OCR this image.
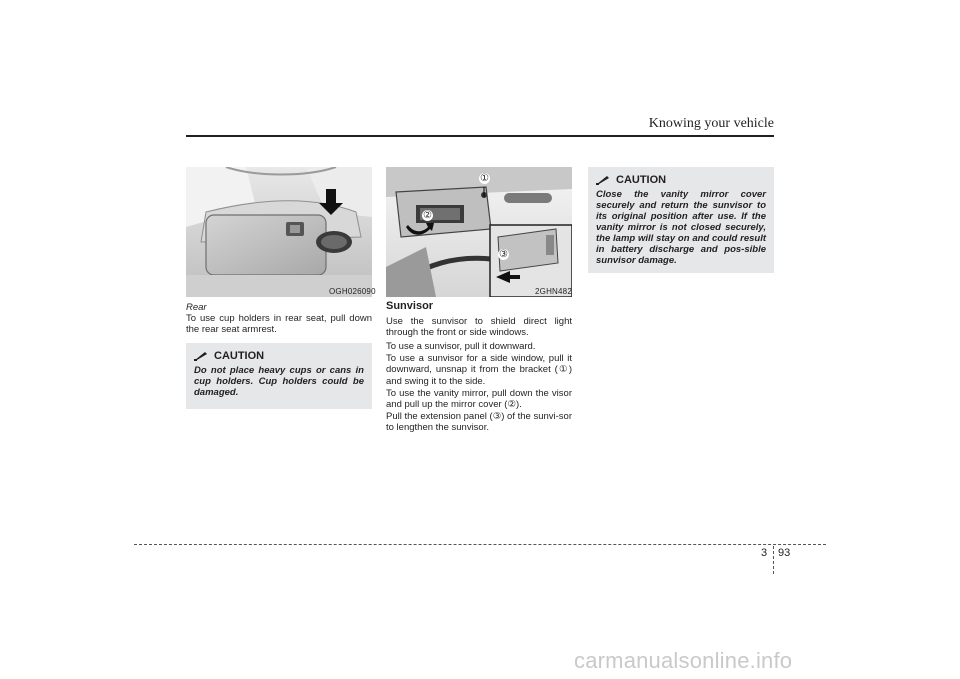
Knowing your vehicle
OGH026090
Rear

To use cup holders in rear seat, pull down the rear seat armrest.

CAUTION

Do not place heavy cups or cans in cup holders. Cup holders could be damaged.

①
②
③
2GHN482
Sunvisor

Use the sunvisor to shield direct light through the front or side windows.

To use a sunvisor, pull it downward.

To use a sunvisor for a side window, pull it downward, unsnap it from the bracket (①) and swing it to the side.

To use the vanity mirror, pull down the visor and pull up the mirror cover (②).

Pull the extension panel (③) of the sunvi-sor to lengthen the sunvisor.

CAUTION

Close the vanity mirror cover securely and return the sunvisor to its original position after use. If the vanity mirror is not closed securely, the lamp will stay on and could result in battery discharge and pos-sible sunvisor damage.

3 93
carmanualsonline.info
